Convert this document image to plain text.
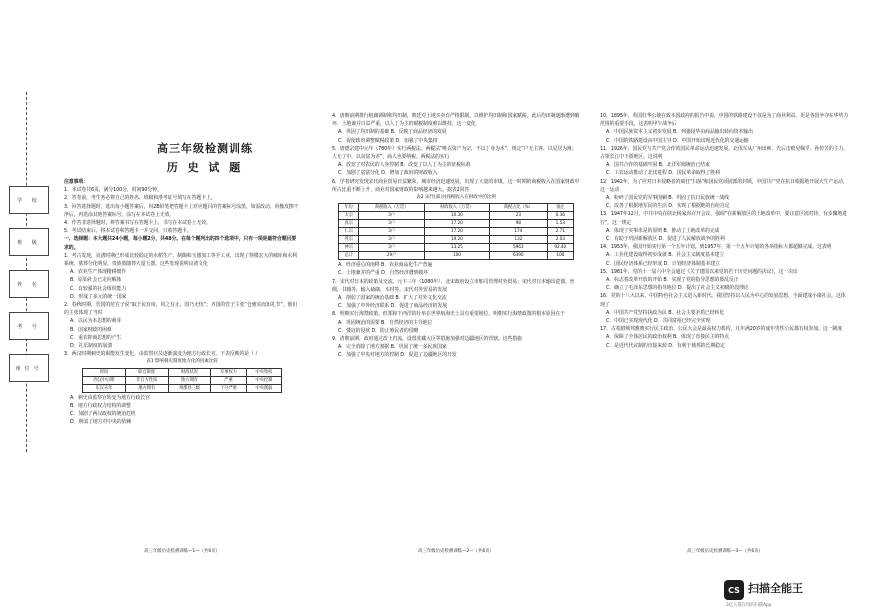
学 校
班 级
姓 名
考 号
座位号
高三年级检测训练
历 史 试 题

注意事项：

1．本试卷共6页，满分100分，时间90分钟。

2．答卷前，考生务必将自己的姓名、班级和准考证号填写在答题卡上。

3．回答选择题时，选出每小题答案后，用2B铅笔把答题卡上对应题目的答案标号涂黑。如需改动，用橡皮擦干净后，再选涂其他答案标号。涂写在本试卷上无效。

4．作答非选择题时，将答案书写在答题卡上，书写在本试卷上无效。

5．考试结束后，将本试卷和答题卡一并交回，只收答题卡。

一、选择题：本大题共24小题，每小题2分，共48分。在每个题列出的四个选项中，只有一项是最符合题目要求的。

1．考古发现，良渚时期已形成比较稳定的水稻生产、制陶和玉器加工等手工业，出现了规模宏大的城址和水利系统，墓葬分化明显，贵族墓随葬大量玉器。这些发现说明良渚文化

A．农业生产体现精耕细作

B．原始社会已走向解体

C．有较强的社会组织能力

D．形成了多元的统一国家

2．春秋时期，晋国的范宣子说“取于民有度，用之有止，国乃无忧”；齐国的管子主张“仓廪实而知礼节”。他们的主张体现了当时

A．以民为本思想的萌芽

B．国家财政的困难

C．重农抑商思想的产生

D．礼乐制度的崩溃

3．两汉时期刺史的职能发生变化，由监察官员逐渐演变为地方行政长官。下表反映的是（ ）

表1 影响刺史制度地方化的因素比较

时间	职官制度	财政状况	军事权力	中央集权
西汉中后期	非官方性质	地方拥有	严重	中央控制
东汉末年	地方拥有	州郡县三级	十分严重	中央削弱

A．刺史由监察官转变为地方行政长官

B．地方行政权力结构的调整

C．加剧了两汉政权的统治危机

D．削弱了地方对中央的依赖

高三年级历史检测训练—1—（共6页）

4．唐朝前期推行租庸调制和均田制，朝廷对土地买卖有严格限制，以维护均田制和国家赋税。此后均田制逐渐遭到破坏，土地兼并日益严重，以人丁为主的赋税制度难以维持。这一变化

A．巩固了均田制的基础 B．反映了商品经济的发展

C．促使政府调整赋税政策 D．加强了中央集权

5．唐德宗建中元年（780年）实行两税法。两税法“唯以资产为宗，不以丁身为本”，规定“户无主客，以见居为簿；人无丁中，以贫富为差”，商人也要纳税。两税法的实行

A．放宽了对农民的人身控制 B．改变了以人丁为主的征税标准

C．加剧了贫富分化 D．增加了政府的财政收入

6．学者研究发现宋代商业贸易日益繁荣，城市经济迅速发展，出现了大量的市镇。这一时期的商税收入在国家财政中所占比重不断上升，商业对国家财政的影响越来越大。据表2回答

表2 宋代(部分)商税收入在财政中的比例

年份	商税收入（万贯）	财政收入（万贯）	商税占比（%）	备注
太宗	3户	10.30	23	0.36
真宗	3户	17.20	98	1.53
仁宗	3户	17.20	174	2.71
英宗	3户	19.20	132	2.03
神宗	3户	13.25	5963	92.40
总计	29户	100	6390	100

A．经济重心的南移 B．农业商品化生产普遍

C．土地兼并的严重 D．自然经济遭到破坏

7．宋代对日本的政策及交流。元丰三年（1080年），北宋政府设立市舶司管理对外贸易；宋代对日本输出瓷器、丝绸、书籍等，输入硫磺、木材等。宋代对外贸易的发展

A．削弱了国家的统治基础 B．扩大了对外文化交流

C．加强了中外经济联系 D．促进了商品经济的发展

8．明朝实行海禁政策，但郑和下西洋的壮举在世界航海史上具有重要地位。明朝实行海禁政策的根本原因在于

A．巩固统治的需要 B．自然经济的主导地位

C．倭寇的侵扰 D．防止殖民者的侵略

9．清朝前期，政府通过改土归流、设置驻藏大臣等措施加强对边疆地区的管辖。这些措施

A．完全消除了地方割据 B．巩固了统一多民族国家

C．加强了中央对地方的控制 D．促进了边疆地区的开发

高三年级历史检测训练—2—（共6页）

10．1895年，英国驻华公使在致本国政府的报告中说，中国的铁路建设不仅是为了商业利益，更是各国争夺在华势力范围的重要手段。这表明甲午战争后

A．中国民族资本主义初步发展 B．列强侵华由商品输出转向资本输出

C．中国的铁路建设由中国主导 D．中国开始出现近代化的交通运输

11．1926年，国民党与共产党合作的国民革命运动迅速发展，北伐军从广州出师，先后击败吴佩孚、孙传芳的主力，占领长江中下游地区。这说明

A．国共合作的基础牢固 B．北洋军阀统治已结束

C．工农运动推动了北伐进程 D．国民革命取得了胜利

12．1942年，为了应对日本侵略者的疯狂"扫荡"和国民党顽固派的封锁，中国共产党在抗日根据地开展大生产运动，这一运动

A．粉碎了国民党的军事围剿 B．巩固了抗日民族统一战线

C．改善了根据地军民的生活 D．实现了根据地的自给自足

13．1947年12月，中共中央在陕北杨家沟召开会议，强调“在新解放区的土地改革中，要注意区别对待，有步骤地进行”。这一规定

A．体现了实事求是的原则 B．推动了土地改革的完成

C．有助于巩固新解放区 D．促进了人民解放战争的胜利

14．1953年，我国开始实行第一个五年计划。到1957年，第一个五年计划的各项指标大都超额完成。这表明

A．工业化建设取得初步成就 B．社会主义制度基本建立

C．国民经济体系已经形成 D．计划经济体制基本建立

15．1981年，党的十一届六中全会通过《关于建国以来党的若干历史问题的决议》，这一决议

A．标志着改革开放的开始 B．实现了党的指导思想的拨乱反正

C．确立了毛泽东思想的指导地位 D．提出了社会主义初级阶段理论

16．党的十八大以来，中国特色社会主义进入新时代。我国坚持以人民为中心的发展思想，全面建成小康社会。这体现了

A．中国共产党坚持执政为民 B．社会主要矛盾已经转化

C．中国已实现现代化 D．共同富裕已经完全实现

17．古希腊城邦雅典实行民主政治，公民大会是最高权力机构，凡年满20岁的成年男性公民都有权参加。这一制度

A．保障了全体居民的政治权利 B．体现了直接民主的特点

C．是近代代议制的直接来源 D．有利于城邦的长期稳定

高三年级历史检测训练—3—（共6页）
CS 扫描全能王
3亿人都在用的扫描App
